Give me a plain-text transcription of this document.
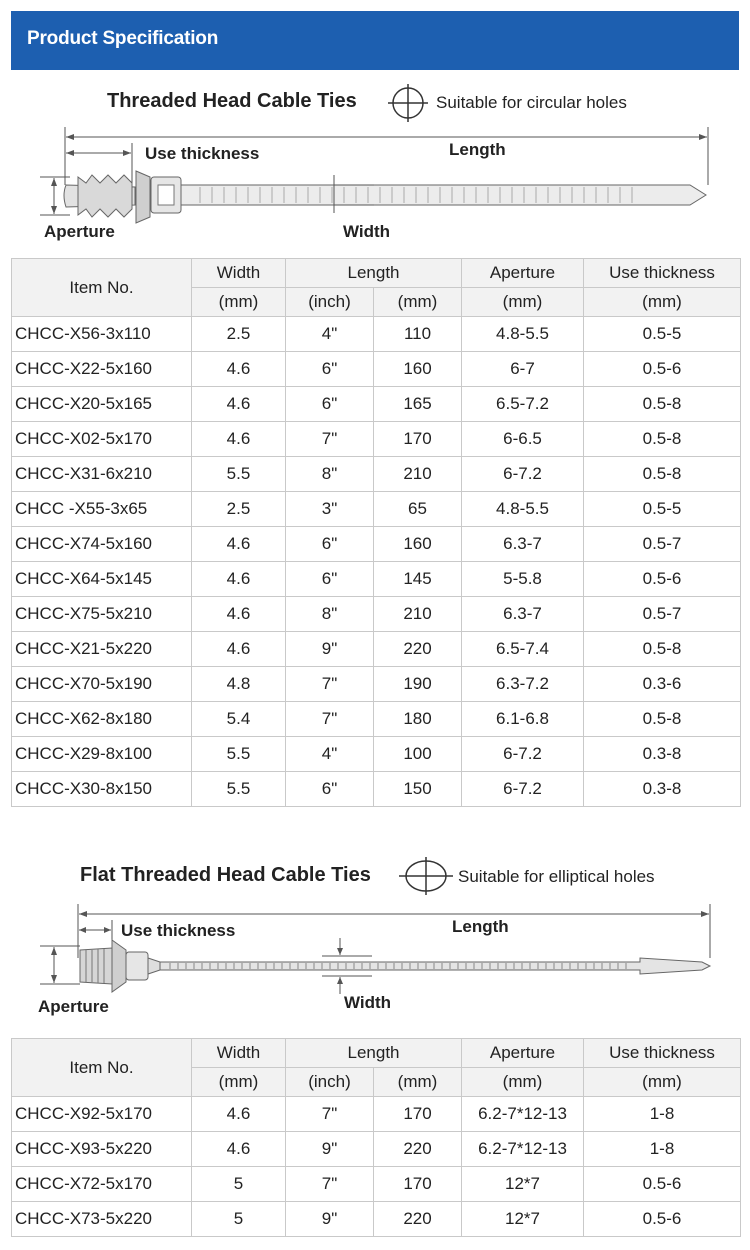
Product Specification
Threaded Head Cable Ties	Suitable for circular holes
Use thickness	Length
Aperture	Width
Item No.	Width	Length		Aperture	Use thickness
	(mm)	(inch)	(mm)	(mm)	(mm)
CHCC-X56-3x110	2.5	4"	110	4.8-5.5	0.5-5
CHCC-X22-5x160	4.6	6"	160	6-7	0.5-6
CHCC-X20-5x165	4.6	6"	165	6.5-7.2	0.5-8
CHCC-X02-5x170	4.6	7"	170	6-6.5	0.5-8
CHCC-X31-6x210	5.5	8"	210	6-7.2	0.5-8
CHCC -X55-3x65	2.5	3"	65	4.8-5.5	0.5-5
CHCC-X74-5x160	4.6	6"	160	6.3-7	0.5-7
CHCC-X64-5x145	4.6	6"	145	5-5.8	0.5-6
CHCC-X75-5x210	4.6	8"	210	6.3-7	0.5-7
CHCC-X21-5x220	4.6	9"	220	6.5-7.4	0.5-8
CHCC-X70-5x190	4.8	7"	190	6.3-7.2	0.3-6
CHCC-X62-8x180	5.4	7"	180	6.1-6.8	0.5-8
CHCC-X29-8x100	5.5	4"	100	6-7.2	0.3-8
CHCC-X30-8x150	5.5	6"	150	6-7.2	0.3-8
Flat Threaded Head Cable Ties	Suitable for elliptical holes
Use thickness	Length
Aperture	Width
Item No.	Width	Length		Aperture	Use thickness
	(mm)	(inch)	(mm)	(mm)	(mm)
CHCC-X92-5x170	4.6	7"	170	6.2-7*12-13	1-8
CHCC-X93-5x220	4.6	9"	220	6.2-7*12-13	1-8
CHCC-X72-5x170	5	7"	170	12*7	0.5-6
CHCC-X73-5x220	5	9"	220	12*7	0.5-6
